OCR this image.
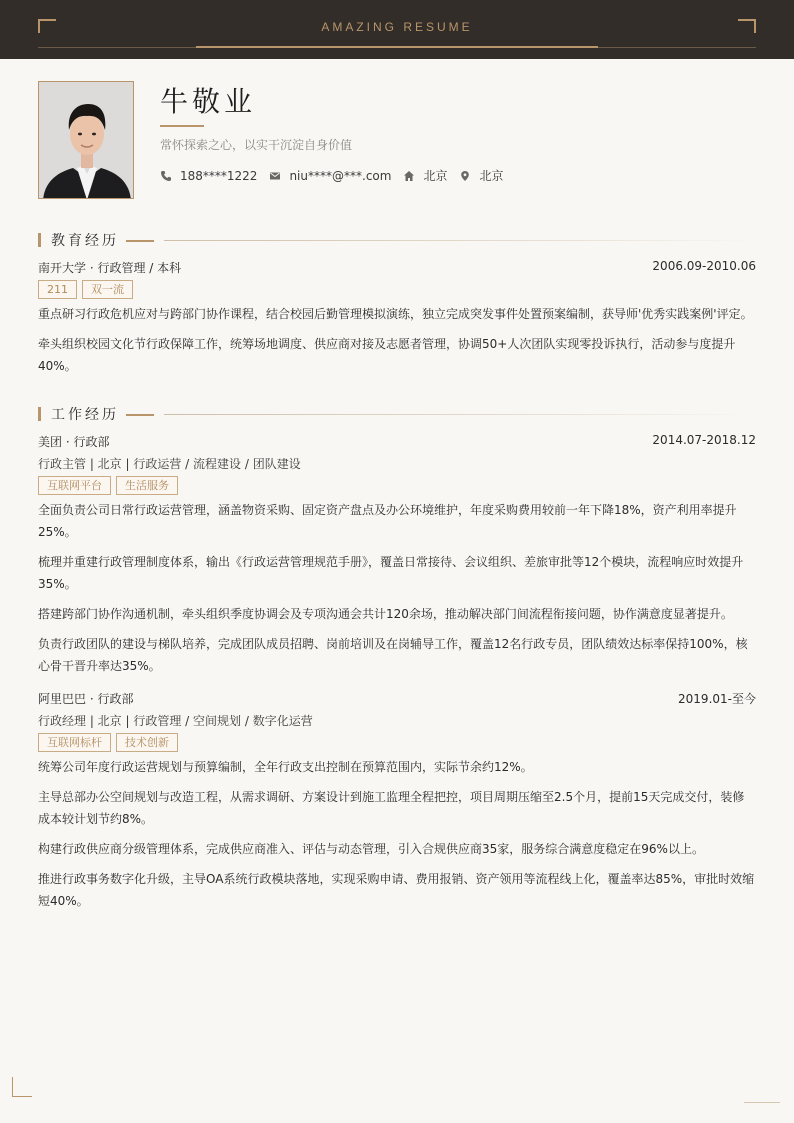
AMAZING RESUME
牛敬业
常怀探索之心，以实干沉淀自身价值
188****1222	niu****@***.com	北京	北京
教育经历
南开大学 · 行政管理 / 本科	2006.09-2010.06
211	双一流
重点研习行政危机应对与跨部门协作课程，结合校园后勤管理模拟演练，独立完成突发事件处置预案编制，获导师'优秀实践案例'评定。
牵头组织校园文化节行政保障工作，统筹场地调度、供应商对接及志愿者管理，协调50+人次团队实现零投诉执行，活动参与度提升40%。
工作经历
美团 · 行政部	2014.07-2018.12
行政主管 | 北京 | 行政运营 / 流程建设 / 团队建设
互联网平台	生活服务
全面负责公司日常行政运营管理，涵盖物资采购、固定资产盘点及办公环境维护，年度采购费用较前一年下降18%，资产利用率提升25%。
梳理并重建行政管理制度体系，输出《行政运营管理规范手册》，覆盖日常接待、会议组织、差旅审批等12个模块，流程响应时效提升35%。
搭建跨部门协作沟通机制，牵头组织季度协调会及专项沟通会共计120余场，推动解决部门间流程衔接问题，协作满意度显著提升。
负责行政团队的建设与梯队培养，完成团队成员招聘、岗前培训及在岗辅导工作，覆盖12名行政专员，团队绩效达标率保持100%，核心骨干晋升率达35%。
阿里巴巴 · 行政部	2019.01-至今
行政经理 | 北京 | 行政管理 / 空间规划 / 数字化运营
互联网标杆	技术创新
统筹公司年度行政运营规划与预算编制，全年行政支出控制在预算范围内，实际节余约12%。
主导总部办公空间规划与改造工程，从需求调研、方案设计到施工监理全程把控，项目周期压缩至2.5个月，提前15天完成交付，装修成本较计划节约8%。
构建行政供应商分级管理体系，完成供应商准入、评估与动态管理，引入合规供应商35家，服务综合满意度稳定在96%以上。
推进行政事务数字化升级，主导OA系统行政模块落地，实现采购申请、费用报销、资产领用等流程线上化，覆盖率达85%，审批时效缩短40%。
